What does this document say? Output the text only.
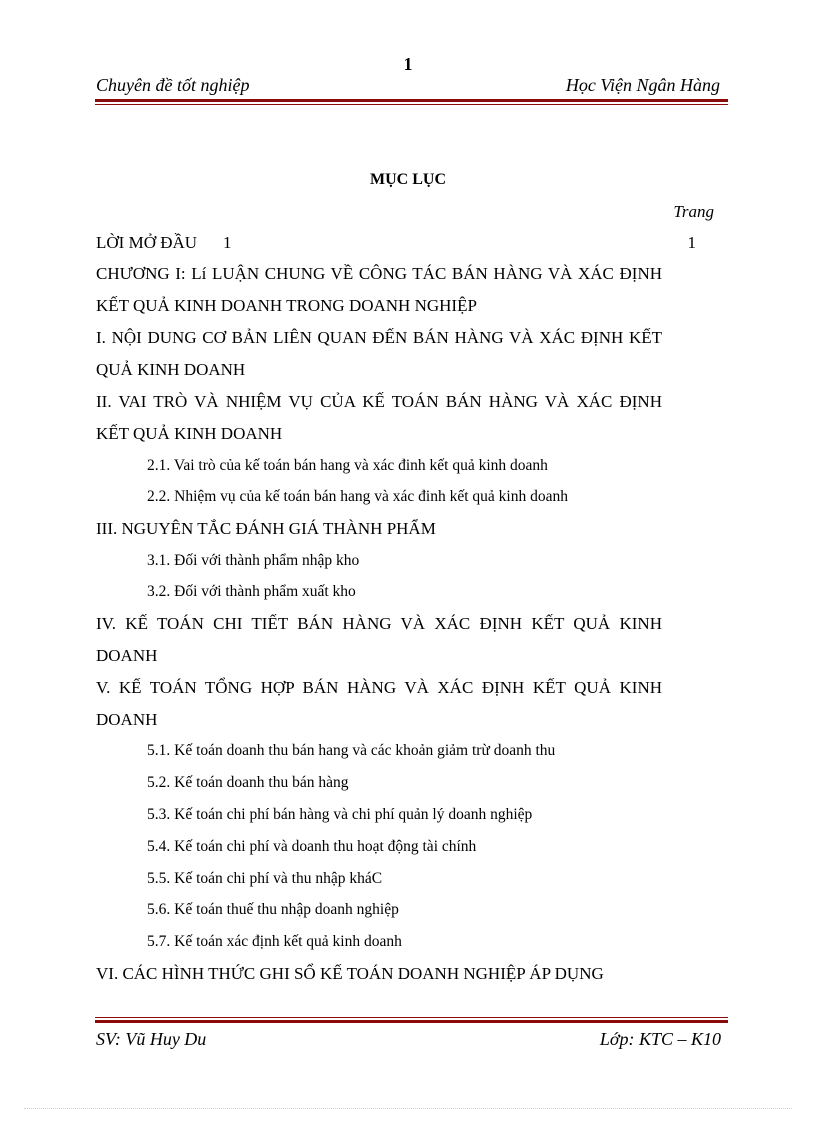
1
Chuyên đề tốt nghiệp	Học Viện Ngân Hàng
MỤC LỤC
Trang
LỜI MỞ ĐẦU 1	1
CHƯƠNG I: Lí LUẬN CHUNG VỀ CÔNG TÁC BÁN HÀNG VÀ XÁC ĐỊNH
KẾT QUẢ KINH DOANH TRONG DOANH NGHIỆP
I. NỘI DUNG CƠ BẢN LIÊN QUAN ĐẾN BÁN HÀNG VÀ XÁC ĐỊNH KẾT
QUẢ KINH DOANH
II. VAI TRÒ VÀ NHIỆM VỤ CỦA KẾ TOÁN BÁN HÀNG VÀ XÁC ĐỊNH
KẾT QUẢ KINH DOANH
2.1. Vai trò của kế toán bán hang và xác đinh kết quả kinh doanh
2.2. Nhiệm vụ của kế toán bán hang và xác đinh kết quả kinh doanh
III. NGUYÊN TẮC ĐÁNH GIÁ THÀNH PHẨM
3.1. Đối với thành phẩm nhập kho
3.2. Đối với thành phẩm xuất kho
IV. KẾ TOÁN CHI TIẾT BÁN HÀNG VÀ XÁC ĐỊNH KẾT QUẢ KINH
DOANH
V. KẾ TOÁN TỔNG HỢP BÁN HÀNG VÀ XÁC ĐỊNH KẾT QUẢ KINH
DOANH
5.1. Kế toán doanh thu bán hang và các khoản giảm trừ doanh thu
5.2. Kế toán doanh thu bán hàng
5.3. Kế toán chi phí bán hàng và chi phí quản lý doanh nghiệp
5.4. Kế toán chi phí và doanh thu hoạt động tài chính
5.5. Kế toán chi phí và thu nhập kháC
5.6. Kế toán thuế thu nhập doanh nghiệp
5.7. Kế toán xác định kết quả kinh doanh
VI. CÁC HÌNH THỨC GHI SỔ KẾ TOÁN DOANH NGHIỆP ÁP DỤNG
SV: Vũ Huy Du	Lớp: KTC – K10
